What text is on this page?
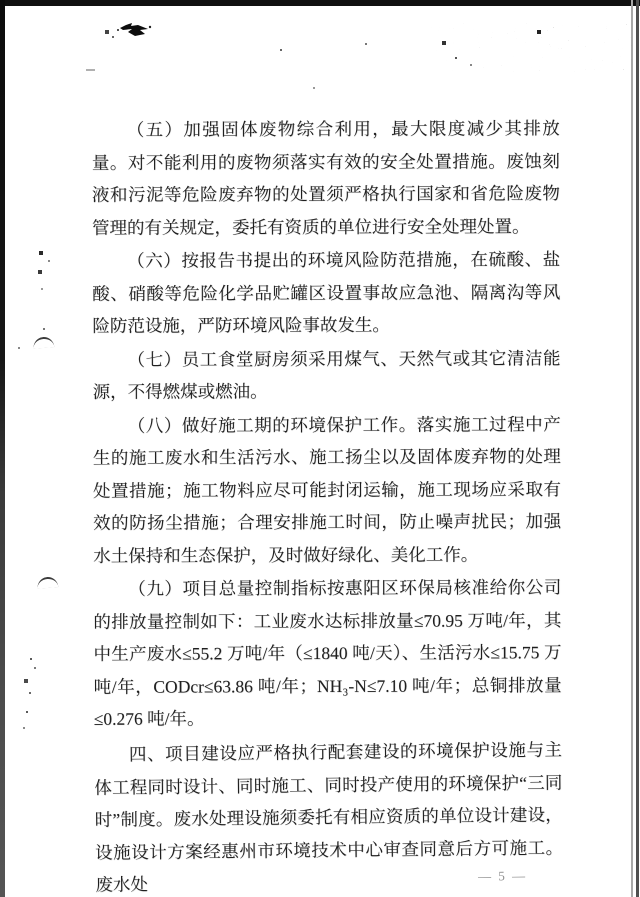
（五）加强固体废物综合利用，最大限度减少其排放量。对不能利用的废物须落实有效的安全处置措施。废蚀刻液和污泥等危险废弃物的处置须严格执行国家和省危险废物管理的有关规定，委托有资质的单位进行安全处理处置。

（六）按报告书提出的环境风险防范措施，在硫酸、盐酸、硝酸等危险化学品贮罐区设置事故应急池、隔离沟等风险防范设施，严防环境风险事故发生。

（七）员工食堂厨房须采用煤气、天然气或其它清洁能源，不得燃煤或燃油。

（八）做好施工期的环境保护工作。落实施工过程中产生的施工废水和生活污水、施工扬尘以及固体废弃物的处理处置措施；施工物料应尽可能封闭运输，施工现场应采取有效的防扬尘措施；合理安排施工时间，防止噪声扰民；加强水土保持和生态保护，及时做好绿化、美化工作。

（九）项目总量控制指标按惠阳区环保局核准给你公司的排放量控制如下：工业废水达标排放量≤70.95 万吨/年，其中生产废水≤55.2 万吨/年（≤1840 吨/天）、生活污水≤15.75 万吨/年，CODcr≤63.86 吨/年；NH₃-N≤7.10 吨/年；总铜排放量≤0.276 吨/年。

四、项目建设应严格执行配套建设的环境保护设施与主体工程同时设计、同时施工、同时投产使用的环境保护“三同时”制度。废水处理设施须委托有相应资质的单位设计建设，设施设计方案经惠州市环境技术中心审查同意后方可施工。废水处	— 5 —
